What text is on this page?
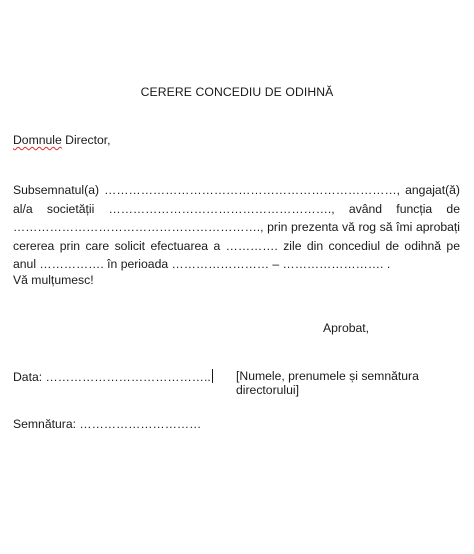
CERERE CONCEDIU DE ODIHNĂ
Domnule Director,
Subsemnatul(a) ………………………………………………………………, angajat(ă) al/a societății ………………………………………………., având funcția de ……………………………………………………., prin prezenta vă rog să îmi aprobați cererea prin care solicit efectuarea a …………. zile din concediul de odihnă pe anul ……………. în perioada …………………… – ……………………. .
Vă mulțumesc!
Aprobat,
Data: ………………………………….. [Numele, prenumele și semnătura directorului]
Semnătura: …………………………
